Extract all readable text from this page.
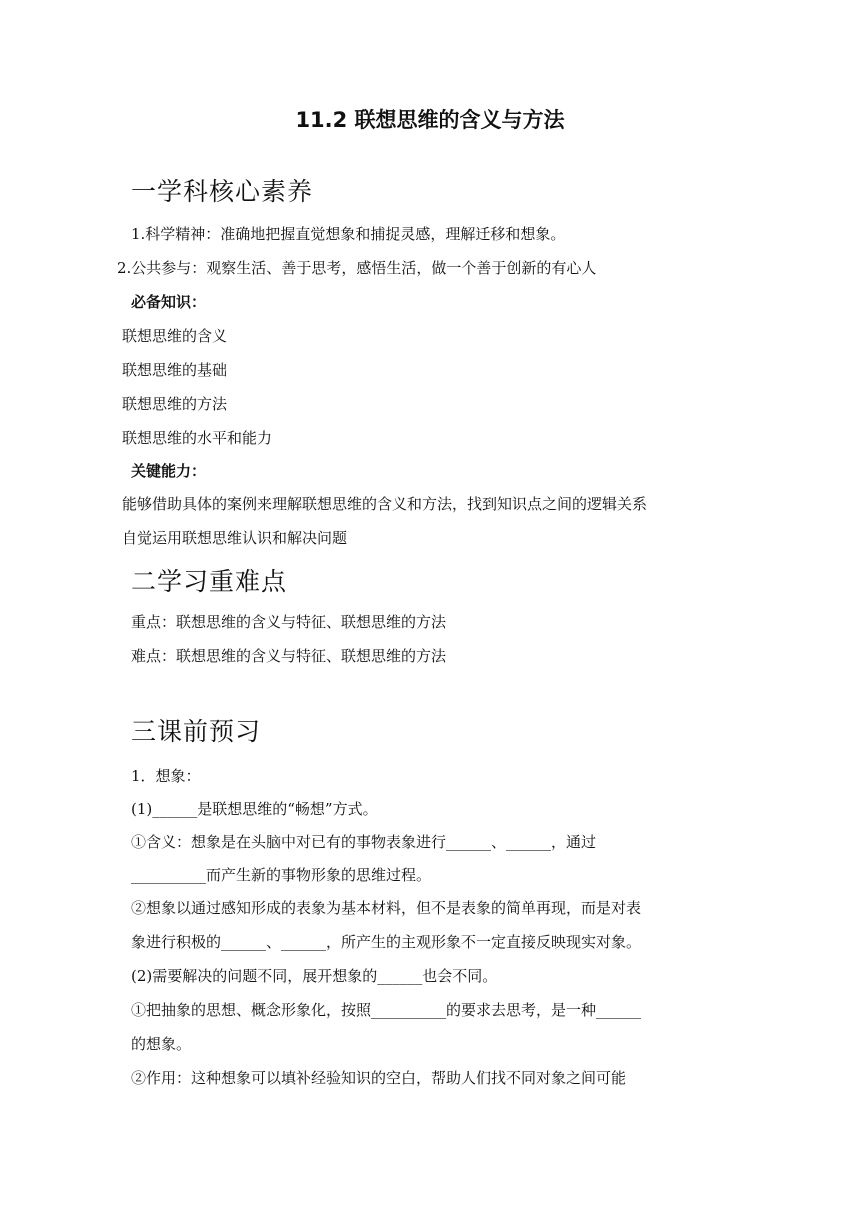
11.2 联想思维的含义与方法
一学科核心素养
1.科学精神：准确地把握直觉想象和捕捉灵感，理解迁移和想象。
2.公共参与：观察生活、善于思考，感悟生活，做一个善于创新的有心人
必备知识：
联想思维的含义
联想思维的基础
联想思维的方法
联想思维的水平和能力
关键能力：
能够借助具体的案例来理解联想思维的含义和方法，找到知识点之间的逻辑关系
自觉运用联想思维认识和解决问题
二学习重难点
重点：联想思维的含义与特征、联想思维的方法
难点：联想思维的含义与特征、联想思维的方法
三课前预习
1．想象：
(1)______是联想思维的“畅想”方式。
①含义：想象是在头脑中对已有的事物表象进行______、______，通过
__________而产生新的事物形象的思维过程。
②想象以通过感知形成的表象为基本材料，但不是表象的简单再现，而是对表
象进行积极的______、______，所产生的主观形象不一定直接反映现实对象。
(2)需要解决的问题不同，展开想象的______也会不同。
①把抽象的思想、概念形象化，按照__________的要求去思考，是一种______
的想象。
②作用：这种想象可以填补经验知识的空白，帮助人们找不同对象之间可能
